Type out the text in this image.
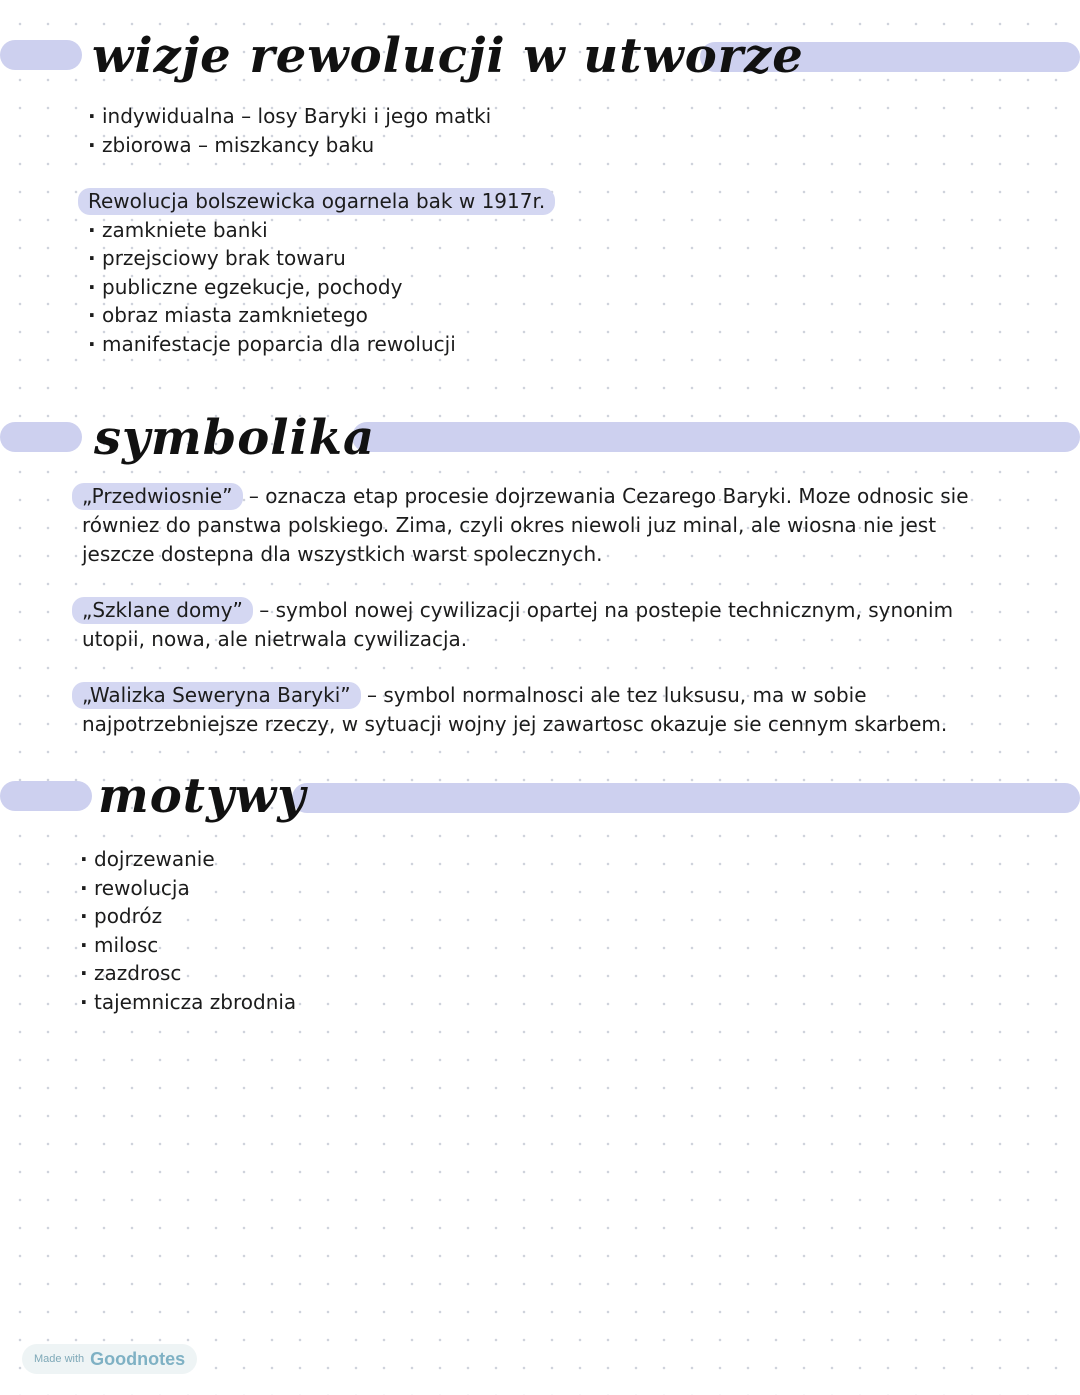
wizje rewolucji w utworze
· indywidualna – losy Baryki i jego matki
· zbiorowa – miszkancy baku
Rewolucja bolszewicka ogarnela bak w 1917r.
· zamkniete banki
· przejsciowy brak towaru
· publiczne egzekucje, pochody
· obraz miasta zamknietego
· manifestacje poparcia dla rewolucji
symbolika
„Przedwiosnie” – oznacza etap procesie dojrzewania Cezarego Baryki. Moze odnosic sie równiez do panstwa polskiego. Zima, czyli okres niewoli juz minal, ale wiosna nie jest jeszcze dostepna dla wszystkich warst spolecznych.
„Szklane domy” – symbol nowej cywilizacji opartej na postepie technicznym, synonim utopii, nowa, ale nietrwala cywilizacja.
„Walizka Seweryna Baryki” – symbol normalnosci ale tez luksusu, ma w sobie najpotrzebniejsze rzeczy, w sytuacji wojny jej zawartosc okazuje sie cennym skarbem.
motywy
· dojrzewanie
· rewolucja
· podróz
· milosc
· zazdrosc
· tajemnicza zbrodnia
Made with Goodnotes
